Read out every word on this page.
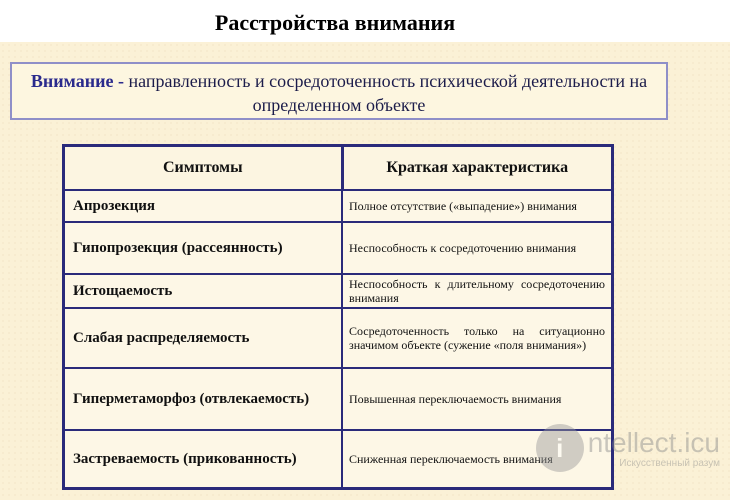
Расстройства внимания
Внимание - направленность и сосредоточенность психической деятельности на определенном объекте
Симптомы	Краткая характеристика
Апрозекция	Полное отсутствие («выпадение») внимания
Гипопрозекция (рассеянность)	Неспособность к сосредоточению внимания
Истощаемость	Неспособность к длительному сосредоточению внимания
Слабая распределяемость	Сосредоточенность только на ситуационно значимом объекте (сужение «поля внимания»)
Гиперметаморфоз (отвлекаемость)	Повышенная переключаемость внимания
Застреваемость (прикованность)	Сниженная переключаемость внимания i ntellect.icu
Искусственный разум
